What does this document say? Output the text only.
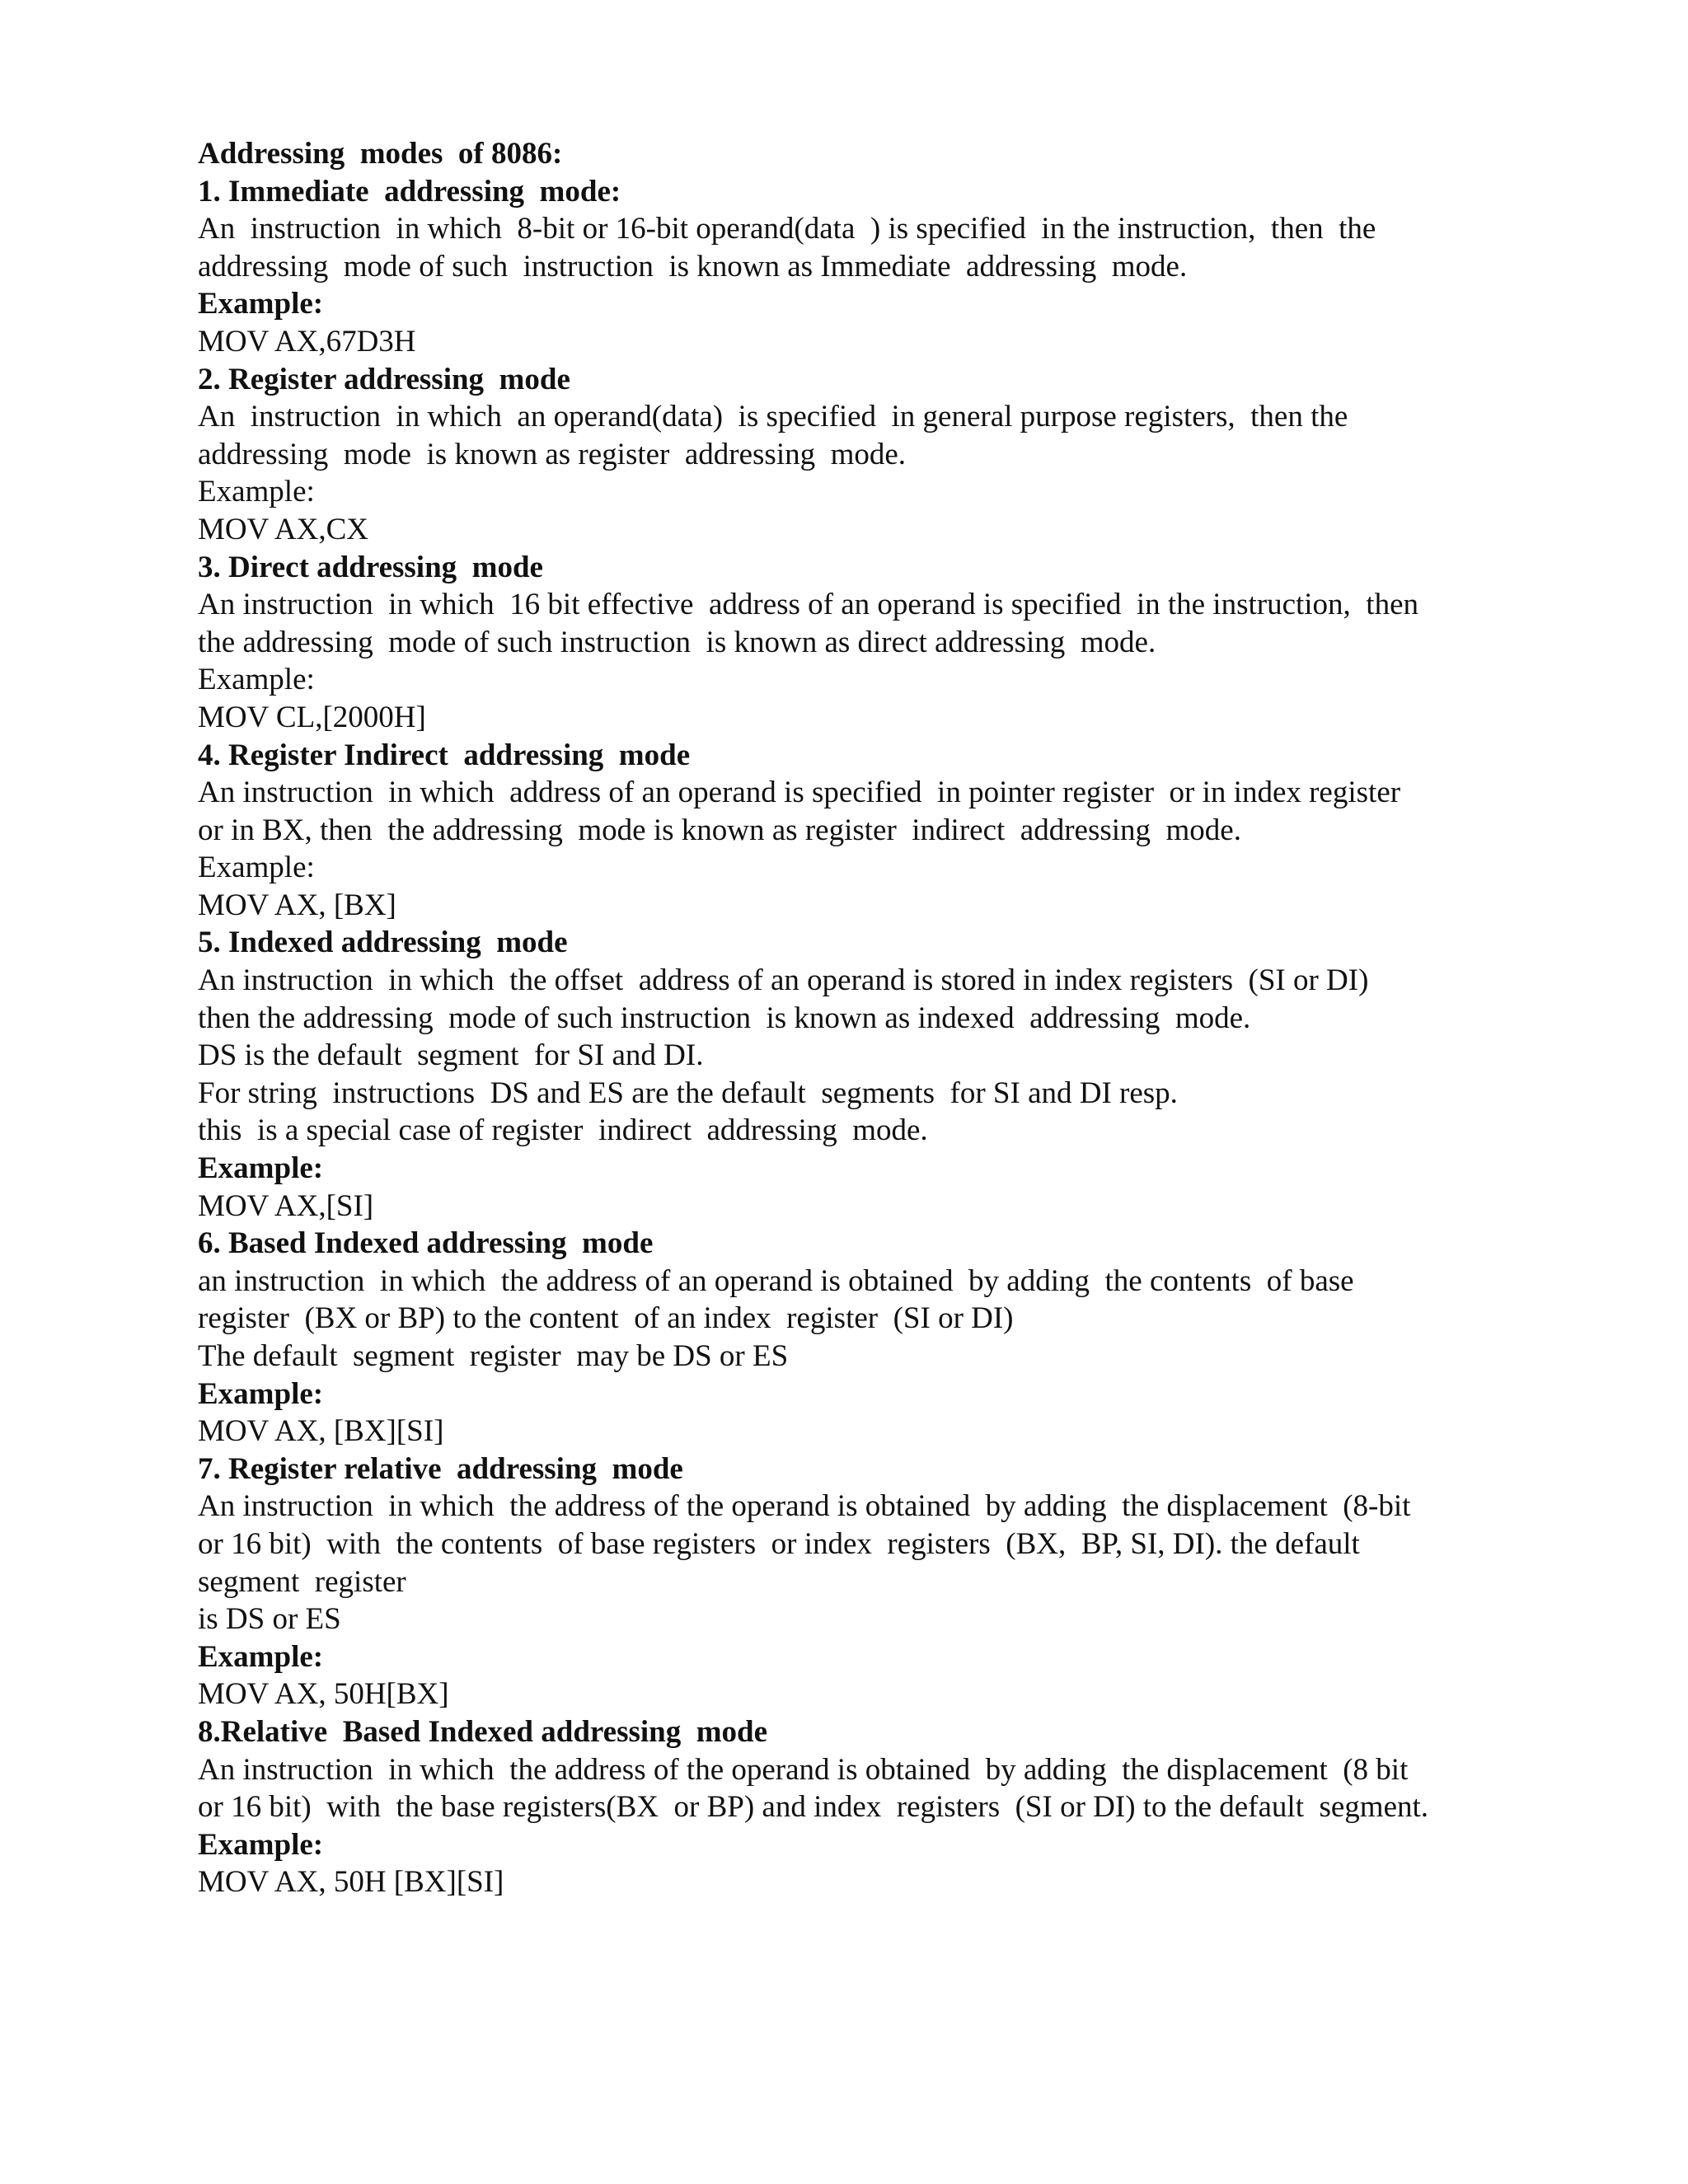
Addressing  modes  of 8086:

1. Immediate  addressing  mode:

An  instruction  in which  8-bit or 16-bit operand(data  ) is specified  in the instruction,  then  the

addressing  mode of such  instruction  is known as Immediate  addressing  mode.

Example:

MOV AX,67D3H

2. Register addressing  mode

An  instruction  in which  an operand(data)  is specified  in general purpose registers,  then the

addressing  mode  is known as register  addressing  mode.

Example:

MOV AX,CX

3. Direct addressing  mode

An instruction  in which  16 bit effective  address of an operand is specified  in the instruction,  then

the addressing  mode of such instruction  is known as direct addressing  mode.

Example:

MOV CL,[2000H]

4. Register Indirect  addressing  mode

An instruction  in which  address of an operand is specified  in pointer register  or in index register

or in BX, then  the addressing  mode is known as register  indirect  addressing  mode.

Example:

MOV AX, [BX]

5. Indexed addressing  mode

An instruction  in which  the offset  address of an operand is stored in index registers  (SI or DI)

then the addressing  mode of such instruction  is known as indexed  addressing  mode.

DS is the default  segment  for SI and DI.

For string  instructions  DS and ES are the default  segments  for SI and DI resp.

this  is a special case of register  indirect  addressing  mode.

Example:

MOV AX,[SI]

6. Based Indexed addressing  mode

an instruction  in which  the address of an operand is obtained  by adding  the contents  of base

register  (BX or BP) to the content  of an index  register  (SI or DI)

The default  segment  register  may be DS or ES

Example:

MOV AX, [BX][SI]

7. Register relative  addressing  mode

An instruction  in which  the address of the operand is obtained  by adding  the displacement  (8-bit

or 16 bit)  with  the contents  of base registers  or index  registers  (BX,  BP, SI, DI). the default

segment  register

is DS or ES

Example:

MOV AX, 50H[BX]

8.Relative  Based Indexed addressing  mode

An instruction  in which  the address of the operand is obtained  by adding  the displacement  (8 bit

or 16 bit)  with  the base registers(BX  or BP) and index  registers  (SI or DI) to the default  segment.

Example:

MOV AX, 50H [BX][SI]
